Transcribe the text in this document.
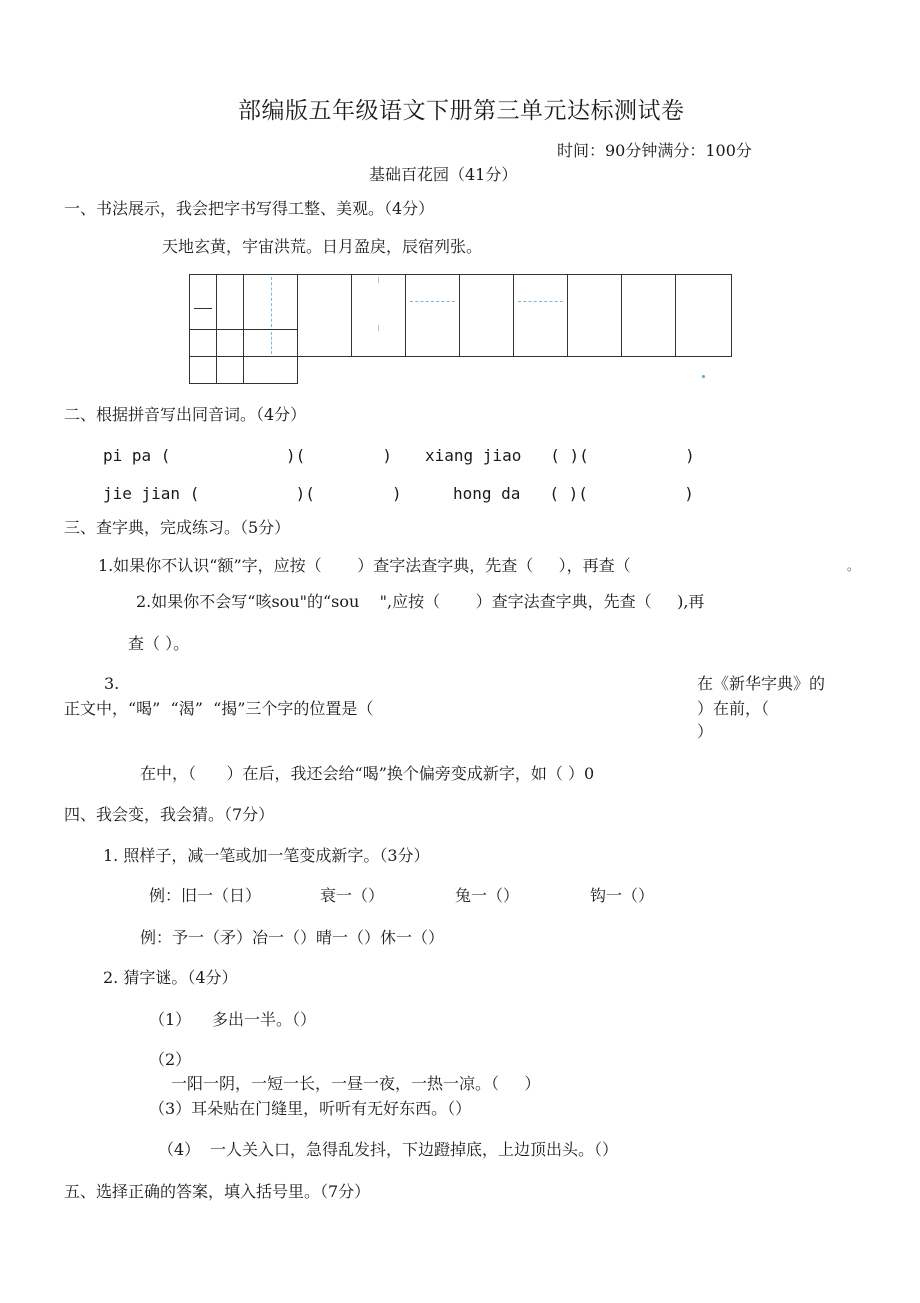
部编版五年级语文下册第三单元达标测试卷
时间：90分钟满分：100分
基础百花园（41分）
一、书法展示，我会把字书写得工整、美观。（4分）
天地玄黄，宇宙洪荒。日月盈戾，辰宿列张。

二、根据拼音写出同音词。（4分）
pi pa (            )(        ) xiang jiao   ( )(          )
jie jian (          )(        )	hong da   ( )(          )
三、查字典，完成练习。（5分）
1.如果你不认识“额”字，应按（       ）查字法查字典，先查（     ），再查（	。
2.如果你不会写“咳sou"的“sou    ",应按（       ）查字法查字典，先查（     ),再
查（ ）。
3.	在《新华字典》的
正文中，“喝”  “渴”  “揭”三个字的位置是（	）在前，（
）
在中，（      ）在后，我还会给“喝”换个偏旁变成新字，如（ ）0
四、我会变，我会猜。（7分）
1. 照样子，减一笔或加一笔变成新字。（3分）
例：旧一（日）	衰一（）	兔一（）	钩一（）
例：予一（矛）冶一（）晴一（）休一（）
2. 猜字谜。（4分）
（1） 多出一半。（）
（2）
一阳一阴，一短一长，一昼一夜，一热一凉。（     ）
（3）耳朵贴在门缝里，听听有无好东西。（）
（4） 一人关入口，急得乱发抖，下边蹬掉底，上边顶出头。（）
五、选择正确的答案，填入括号里。（7分）
